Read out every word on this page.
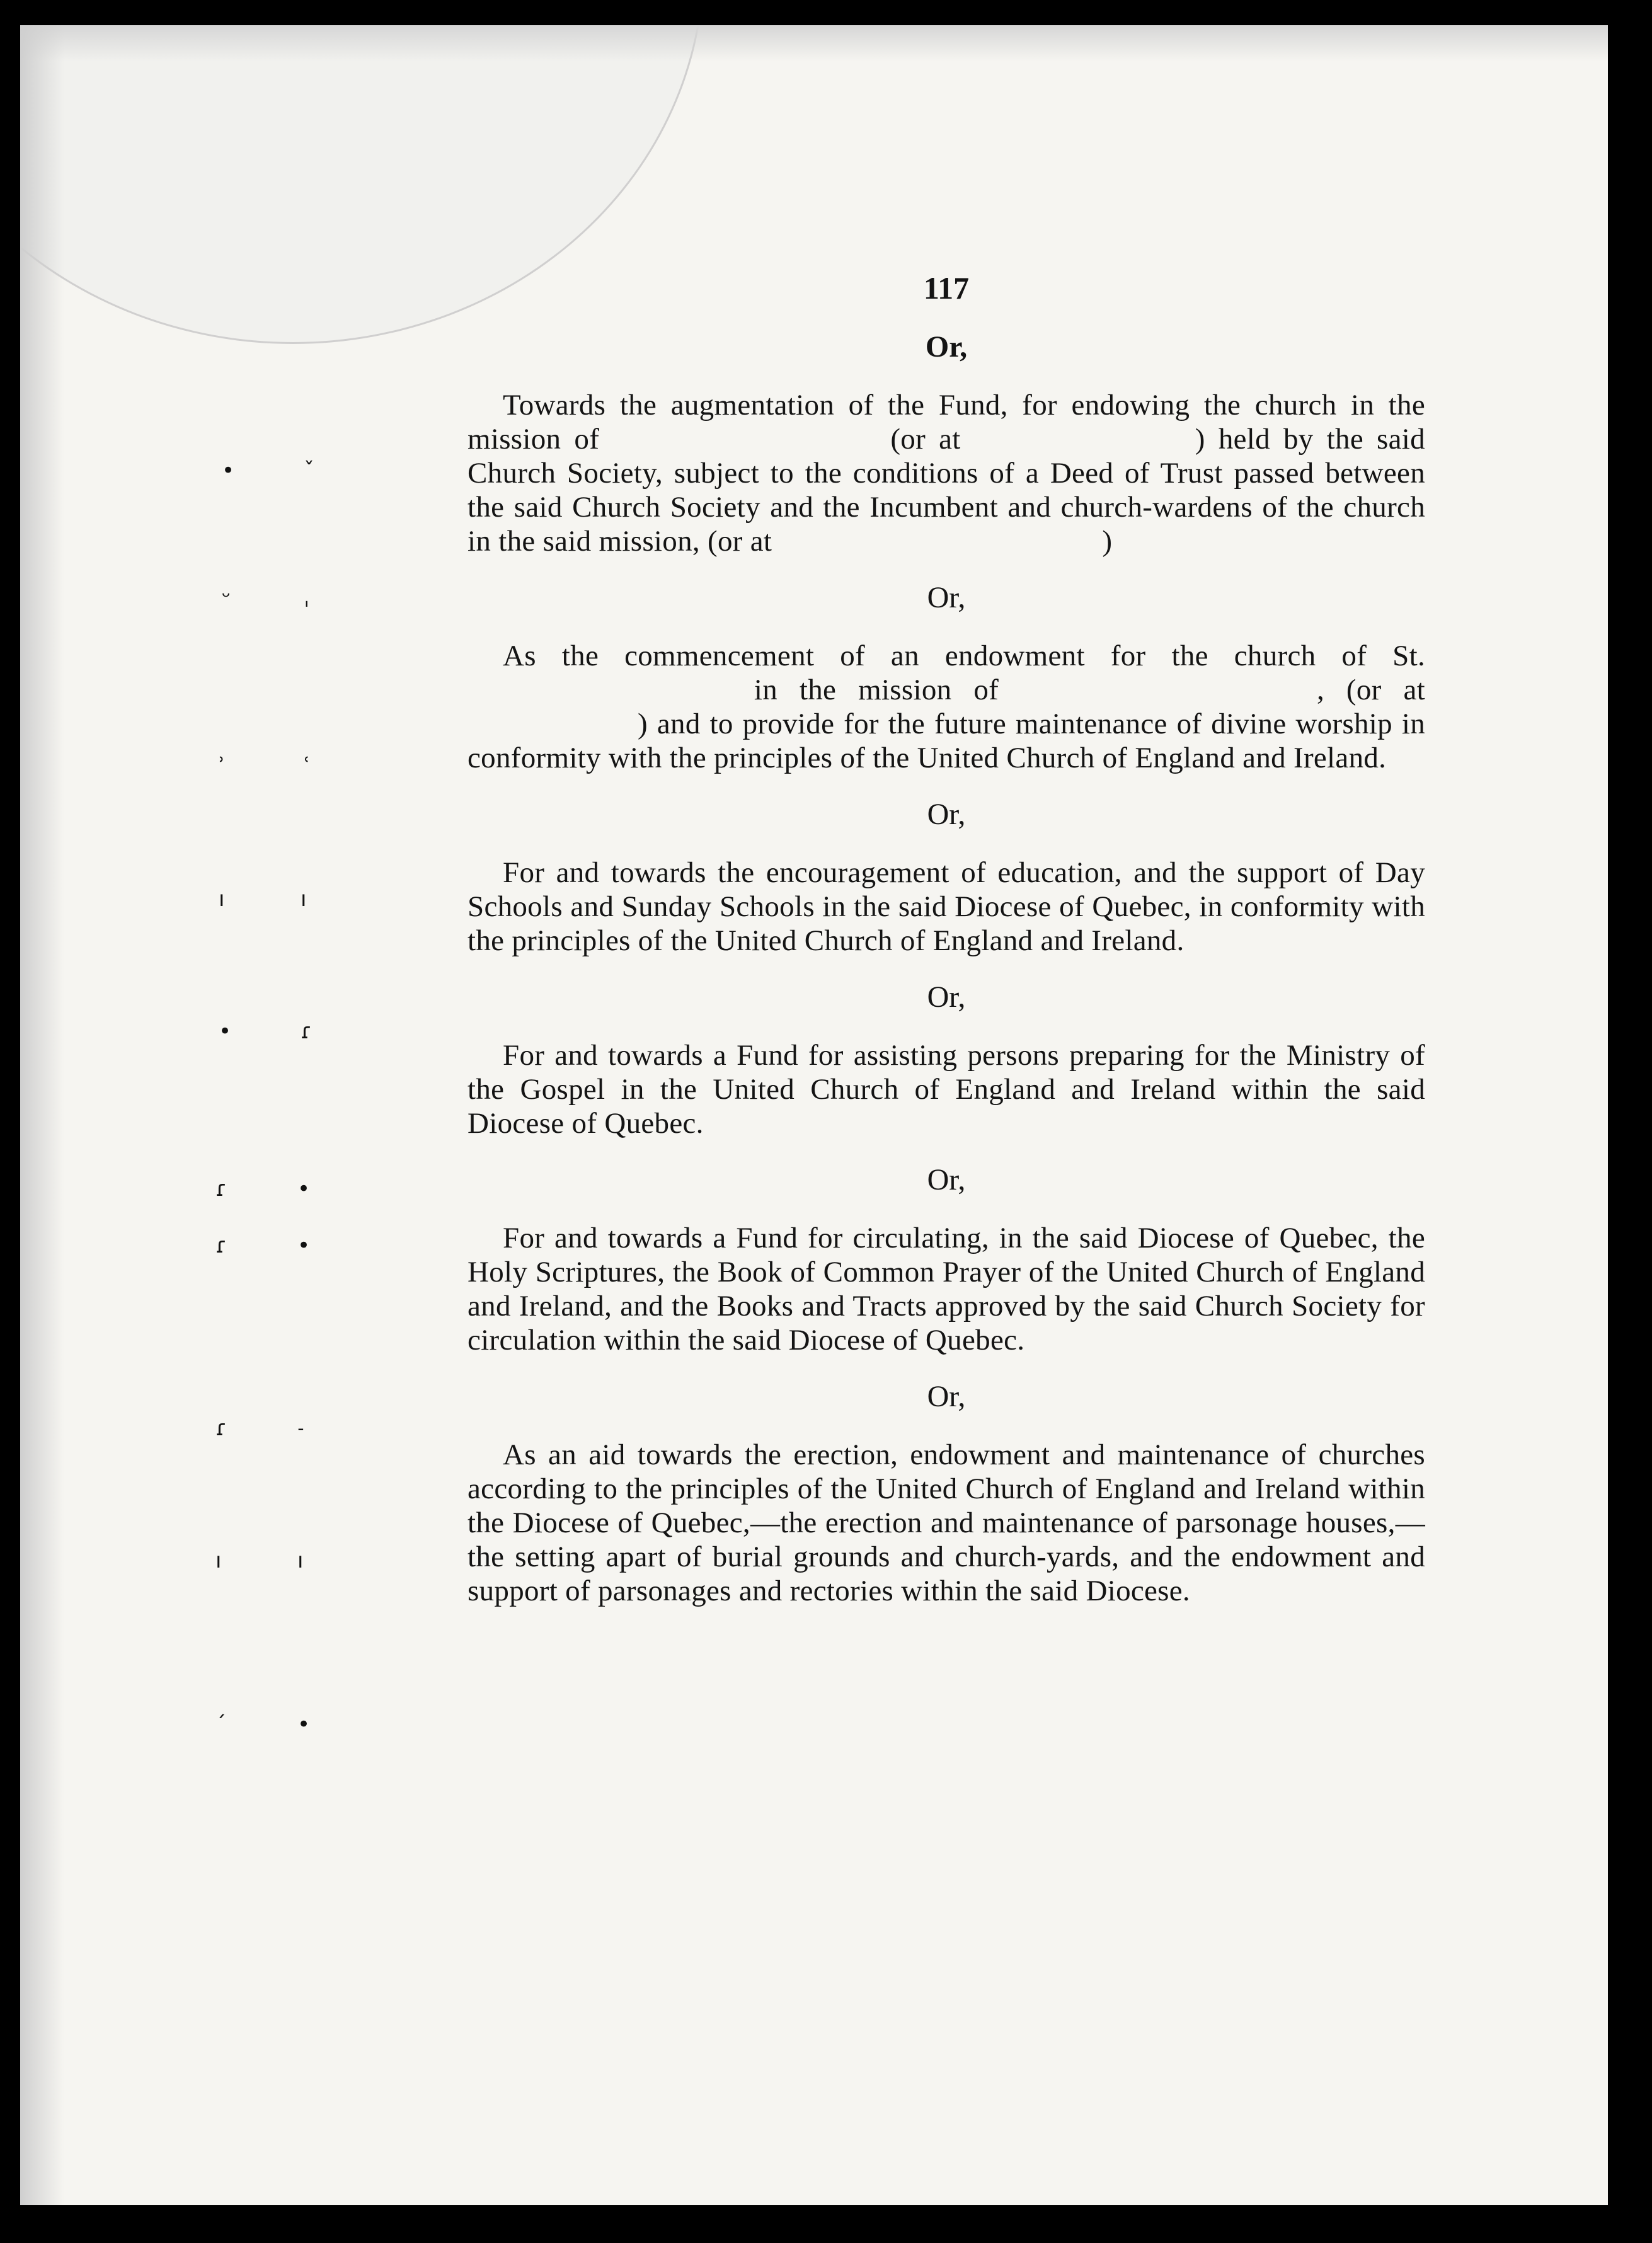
•	ˇ
ᵕ	ˌ
˒	˓
ı	ı
•	ɾ
ɾ	•
ɾ	•
ɾ	˗
ı	ı
ˊ	•
117
Or,

Towards the augmentation of the Fund, for endowing the church in the mission of	(or at	) held by the said Church Society, subject to the conditions of a Deed of Trust passed between the said Church Society and the Incumbent and church-wardens of the church in the said mission, (or at	)

Or,

As the commencement of an endowment for the church of St.  in the mission of	, (or at ) and to provide for the future maintenance of divine worship in conformity with the principles of the United Church of England and Ireland.

Or,

For and towards the encouragement of education, and the support of Day Schools and Sunday Schools in the said Diocese of Quebec, in conformity with the principles of the United Church of England and Ireland.

Or,

For and towards a Fund for assisting persons preparing for the Ministry of the Gospel in the United Church of England and Ireland within the said Diocese of Quebec.

Or,

For and towards a Fund for circulating, in the said Diocese of Quebec, the Holy Scriptures, the Book of Common Prayer of the United Church of England and Ireland, and the Books and Tracts approved by the said Church Society for circulation within the said Diocese of Quebec.

Or,

As an aid towards the erection, endowment and maintenance of churches according to the principles of the United Church of England and Ireland within the Diocese of Quebec,—the erection and maintenance of parsonage houses,—the setting apart of burial grounds and church-yards, and the endowment and support of parsonages and rectories within the said Diocese.
